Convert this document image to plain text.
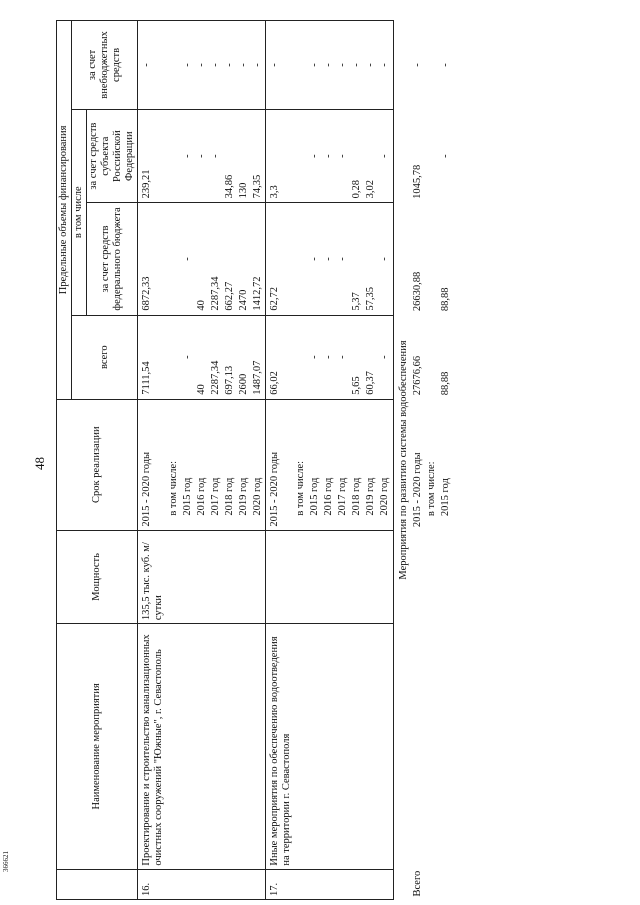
48
	Наименование мероприятия	Мощность	Срок реализации	Предельные объемы финансирования			
				всего	в том числе		за счет внебюджетных средств
					за счет средств федерального бюджета	за счет средств субъекта Российской Федерации	
16.	Проектирование и строительство канализационных очистных сооружений "Южные", г. Севастополь	135,5 тыс. куб. м/сутки	2015 - 2020 годы	7111,54	6872,33	239,21	-
			в том числе:				
			2015 год	-	-	-	-
			2016 год	40	40	-	-
			2017 год	2287,34	2287,34	-	-
			2018 год	697,13	662,27	34,86	-
			2019 год	2600	2470	130	-
			2020 год	1487,07	1412,72	74,35	-
17.	Иные мероприятия по обеспечению водоотведения на территории г. Севастополя		2015 - 2020 годы	66,02	62,72	3,3	-
			в том числе:				
			2015 год	-	-	-	-
			2016 год	-	-	-	-
			2017 год	-	-	-	-
			2018 год	5,65	5,37	0,28	-
			2019 год	60,37	57,35	3,02	-
			2020 год	-	-	-	-
Мероприятия по развитию системы водообеспечения							
Всего			2015 - 2020 годы	27676,66	26630,88	1045,78	-
			в том числе:				
			2015 год	88,88	88,88	-	-
366621
